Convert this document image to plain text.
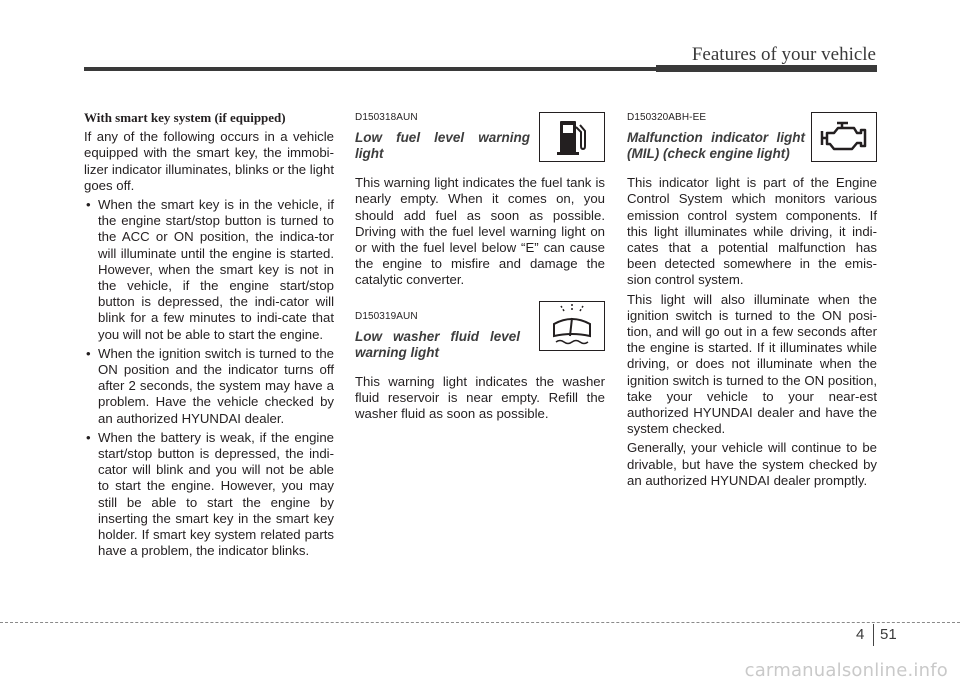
Features of your vehicle
With smart key system (if equipped)

If any of the following occurs in a vehicle equipped with the smart key, the immobi-lizer indicator illuminates, blinks or the light goes off.

• When the smart key is in the vehicle, if the engine start/stop button is turned to the ACC or ON position, the indica-tor will illuminate until the engine is started. However, when the smart key is not in the vehicle, if the engine start/stop button is depressed, the indi-cator will blink for a few minutes to indi-cate that you will not be able to start the engine.
• When the ignition switch is turned to the ON position and the indicator turns off after 2 seconds, the system may have a problem. Have the vehicle checked by an authorized HYUNDAI dealer.
• When the battery is weak, if the engine start/stop button is depressed, the indi-cator will blink and you will not be able to start the engine. However, you may still be able to start the engine by inserting the smart key in the smart key holder. If smart key system related parts have a problem, the indicator blinks.
D150318AUN
Low fuel level warning light

This warning light indicates the fuel tank is nearly empty. When it comes on, you should add fuel as soon as possible. Driving with the fuel level warning light on or with the fuel level below “E” can cause the engine to misfire and damage the catalytic converter.

D150319AUN
Low washer fluid level warning light

This warning light indicates the washer fluid reservoir is near empty. Refill the washer fluid as soon as possible.

D150320ABH-EE
Malfunction indicator light (MIL) (check engine light)

This indicator light is part of the Engine Control System which monitors various emission control system components. If this light illuminates while driving, it indi-cates that a potential malfunction has been detected somewhere in the emis-sion control system.

This light will also illuminate when the ignition switch is turned to the ON posi-tion, and will go out in a few seconds after the engine is started. If it illuminates while driving, or does not illuminate when the ignition switch is turned to the ON position, take your vehicle to your near-est authorized HYUNDAI dealer and have the system checked.

Generally, your vehicle will continue to be drivable, but have the system checked by an authorized HYUNDAI dealer promptly.

4 51
carmanualsonline.info
